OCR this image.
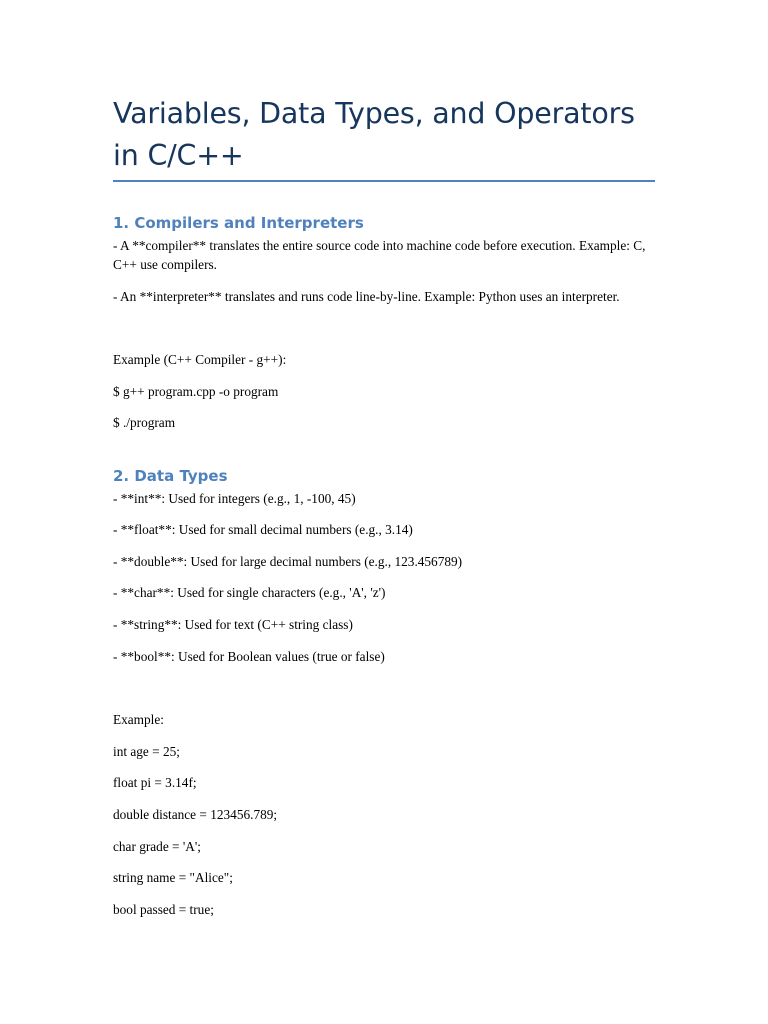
Variables, Data Types, and Operators in C/C++
1. Compilers and Interpreters

- A **compiler** translates the entire source code into machine code before execution. Example: C, C++ use compilers.

- An **interpreter** translates and runs code line-by-line. Example: Python uses an interpreter.

Example (C++ Compiler - g++):

$ g++ program.cpp -o program

$ ./program

2. Data Types

- **int**: Used for integers (e.g., 1, -100, 45)

- **float**: Used for small decimal numbers (e.g., 3.14)

- **double**: Used for large decimal numbers (e.g., 123.456789)

- **char**: Used for single characters (e.g., 'A', 'z')

- **string**: Used for text (C++ string class)

- **bool**: Used for Boolean values (true or false)

Example:

int age = 25;

float pi = 3.14f;

double distance = 123456.789;

char grade = 'A';

string name = "Alice";

bool passed = true;
